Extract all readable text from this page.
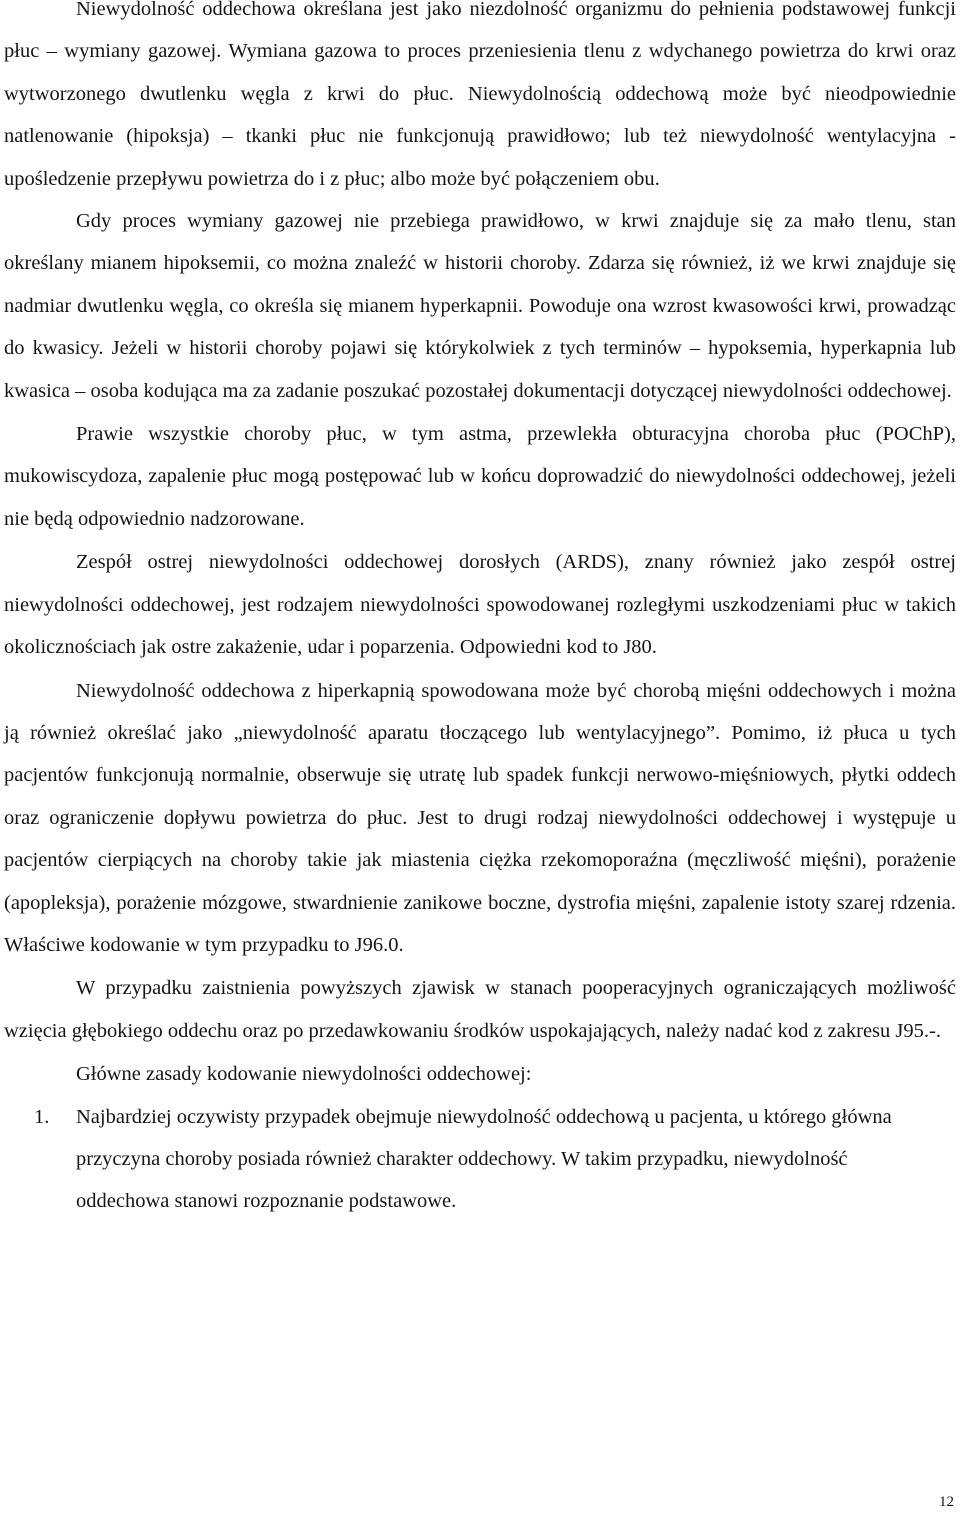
Niewydolność oddechowa określana jest jako niezdolność organizmu do pełnienia podstawowej funkcji płuc – wymiany gazowej. Wymiana gazowa to proces przeniesienia tlenu z wdychanego powietrza do krwi oraz wytworzonego dwutlenku węgla z krwi do płuc. Niewydolnością oddechową może być nieodpowiednie natlenowanie (hipoksja) – tkanki płuc nie funkcjonują prawidłowo; lub też niewydolność wentylacyjna - upośledzenie przepływu powietrza do i z płuc; albo może być połączeniem obu.

Gdy proces wymiany gazowej nie przebiega prawidłowo, w krwi znajduje się za mało tlenu, stan określany mianem hipoksemii, co można znaleźć w historii choroby. Zdarza się również, iż we krwi znajduje się nadmiar dwutlenku węgla, co określa się mianem hyperkapnii. Powoduje ona wzrost kwasowości krwi, prowadząc do kwasicy. Jeżeli w historii choroby pojawi się którykolwiek z tych terminów – hypoksemia, hyperkapnia lub kwasica – osoba kodująca ma za zadanie poszukać pozostałej dokumentacji dotyczącej niewydolności oddechowej.

Prawie wszystkie choroby płuc, w tym astma, przewlekła obturacyjna choroba płuc (POChP), mukowiscydoza, zapalenie płuc mogą postępować lub w końcu doprowadzić do niewydolności oddechowej, jeżeli nie będą odpowiednio nadzorowane.

Zespół ostrej niewydolności oddechowej dorosłych (ARDS), znany również jako zespół ostrej niewydolności oddechowej, jest rodzajem niewydolności spowodowanej rozległymi uszkodzeniami płuc w takich okolicznościach jak ostre zakażenie, udar i poparzenia. Odpowiedni kod to J80.

Niewydolność oddechowa z hiperkapnią spowodowana może być chorobą mięśni oddechowych i można ją również określać jako „niewydolność aparatu tłoczącego lub wentylacyjnego”. Pomimo, iż płuca u tych pacjentów funkcjonują normalnie, obserwuje się utratę lub spadek funkcji nerwowo-mięśniowych, płytki oddech oraz ograniczenie dopływu powietrza do płuc. Jest to drugi rodzaj niewydolności oddechowej i występuje u pacjentów cierpiących na choroby takie jak miastenia ciężka rzekomoporaźna (męczliwość mięśni), porażenie (apopleksja), porażenie mózgowe, stwardnienie zanikowe boczne, dystrofia mięśni, zapalenie istoty szarej rdzenia. Właściwe kodowanie w tym przypadku to J96.0.

W przypadku zaistnienia powyższych zjawisk w stanach pooperacyjnych ograniczających możliwość wzięcia głębokiego oddechu oraz po przedawkowaniu środków uspokajających, należy nadać kod z zakresu J95.-.

Główne zasady kodowanie niewydolności oddechowej:

1.	Najbardziej oczywisty przypadek obejmuje niewydolność oddechową u pacjenta, u którego główna przyczyna choroby posiada również charakter oddechowy. W takim przypadku, niewydolność oddechowa stanowi rozpoznanie podstawowe.
12
